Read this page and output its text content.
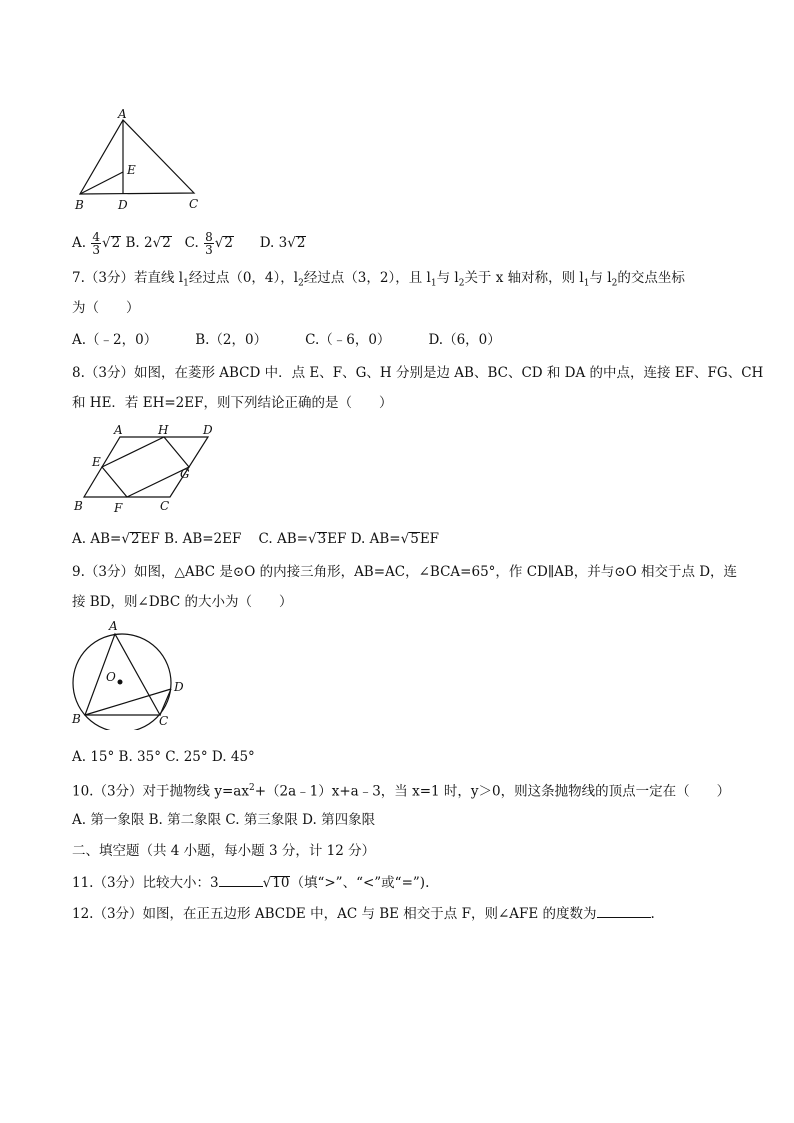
A
E
B	D	C
A. $\frac{4}{3} √2$ B. 2√2 C. $\frac{8}{3} √2$ D. 3√2
7.（3分）若直线 $l_1$经过点（0，4），$l_2$经过点（3，2），且 $l_1$与 $l_2$关于 x 轴对称，则 $l_1$与 $l_2$的交点坐标
为（　　）
A.（﹣2，0）	B.（2，0）	C.（﹣6，0）	D.（6，0）
8.（3分）如图，在菱形 ABCD 中．点 E、F、G、H 分别是边 AB、BC、CD 和 DA 的中点，连接 EF、FG、CH
和 HE．若 EH=2EF，则下列结论正确的是（　　）
A	H	D
E
G
B	F	C
A. AB=√2EF B. AB=2EF C. AB=√3EF D. AB=√5EF
9.（3分）如图，△ABC 是⊙O 的内接三角形，AB=AC，∠BCA=65°，作 CD∥AB，并与⊙O 相交于点 D，连
接 BD，则∠DBC 的大小为（　　）
A
O
D
B	C
A. 15° B. 35° C. 25° D. 45°
10.（3分）对于抛物线 $y=ax^2+(2a﹣1)x+a﹣3$，当 x=1 时，y＞0，则这条抛物线的顶点一定在（　　）
A. 第一象限 B. 第二象限 C. 第三象限 D. 第四象限
二、填空题（共 4 小题，每小题 3 分，计 12 分）
11.（3分）比较大小：3	√10（填“>”、“<”或“=”).
12.（3分）如图，在正五边形 ABCDE 中，AC 与 BE 相交于点 F，则∠AFE 的度数为	.
